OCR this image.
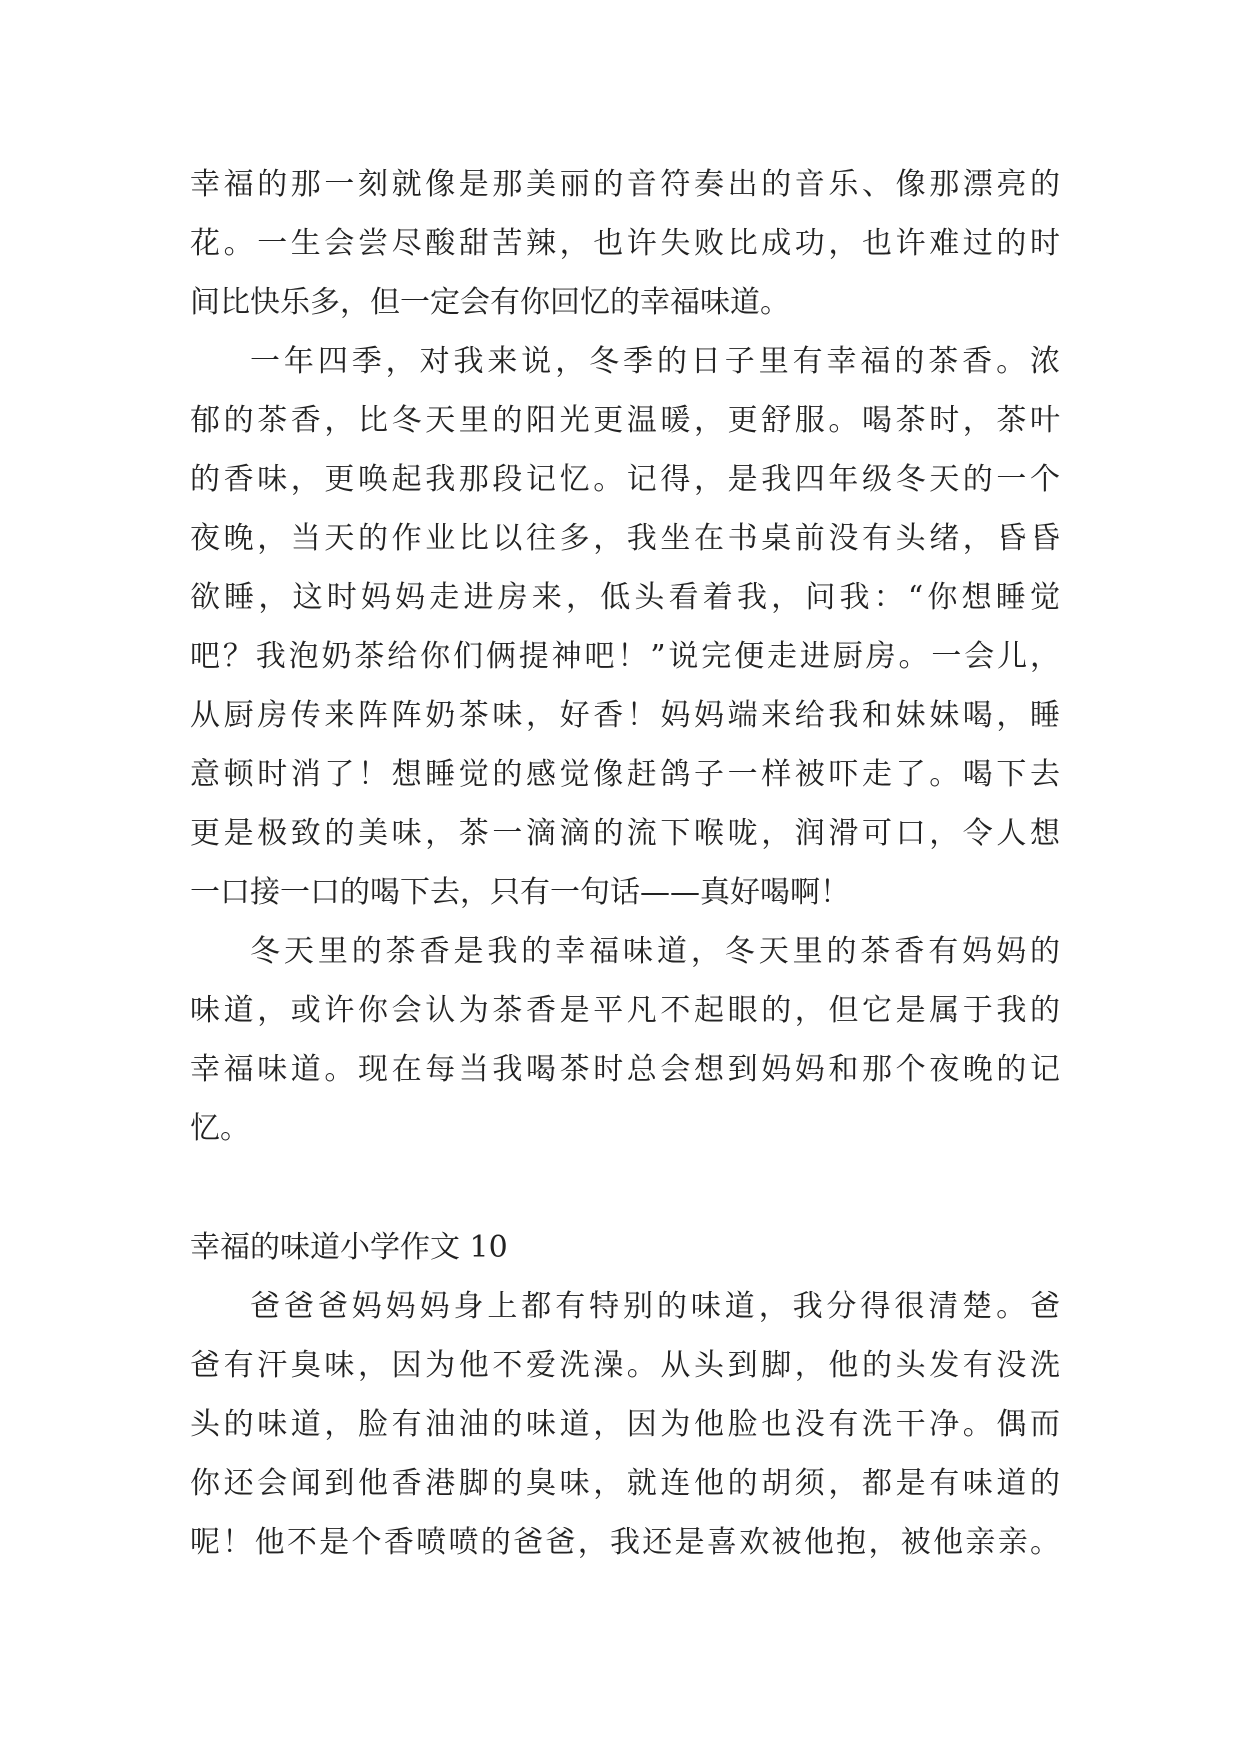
幸福的那一刻就像是那美丽的音符奏出的音乐、像那漂亮的
花。一生会尝尽酸甜苦辣，也许失败比成功，也许难过的时
间比快乐多，但一定会有你回忆的幸福味道。
一年四季，对我来说，冬季的日子里有幸福的茶香。浓
郁的茶香，比冬天里的阳光更温暖，更舒服。喝茶时，茶叶
的香味，更唤起我那段记忆。记得，是我四年级冬天的一个
夜晚，当天的作业比以往多，我坐在书桌前没有头绪，昏昏
欲睡，这时妈妈走进房来，低头看着我，问我：“你想睡觉
吧？我泡奶茶给你们俩提神吧！”说完便走进厨房。一会儿，
从厨房传来阵阵奶茶味，好香！妈妈端来给我和妹妹喝，睡
意顿时消了！想睡觉的感觉像赶鸽子一样被吓走了。喝下去
更是极致的美味，茶一滴滴的流下喉咙，润滑可口，令人想
一口接一口的喝下去，只有一句话——真好喝啊！
冬天里的茶香是我的幸福味道，冬天里的茶香有妈妈的
味道，或许你会认为茶香是平凡不起眼的，但它是属于我的
幸福味道。现在每当我喝茶时总会想到妈妈和那个夜晚的记
忆。
幸福的味道小学作文 10
爸爸爸妈妈妈身上都有特别的味道，我分得很清楚。爸
爸有汗臭味，因为他不爱洗澡。从头到脚，他的头发有没洗
头的味道，脸有油油的味道，因为他脸也没有洗干净。偶而
你还会闻到他香港脚的臭味，就连他的胡须，都是有味道的
呢！他不是个香喷喷的爸爸，我还是喜欢被他抱，被他亲亲。
